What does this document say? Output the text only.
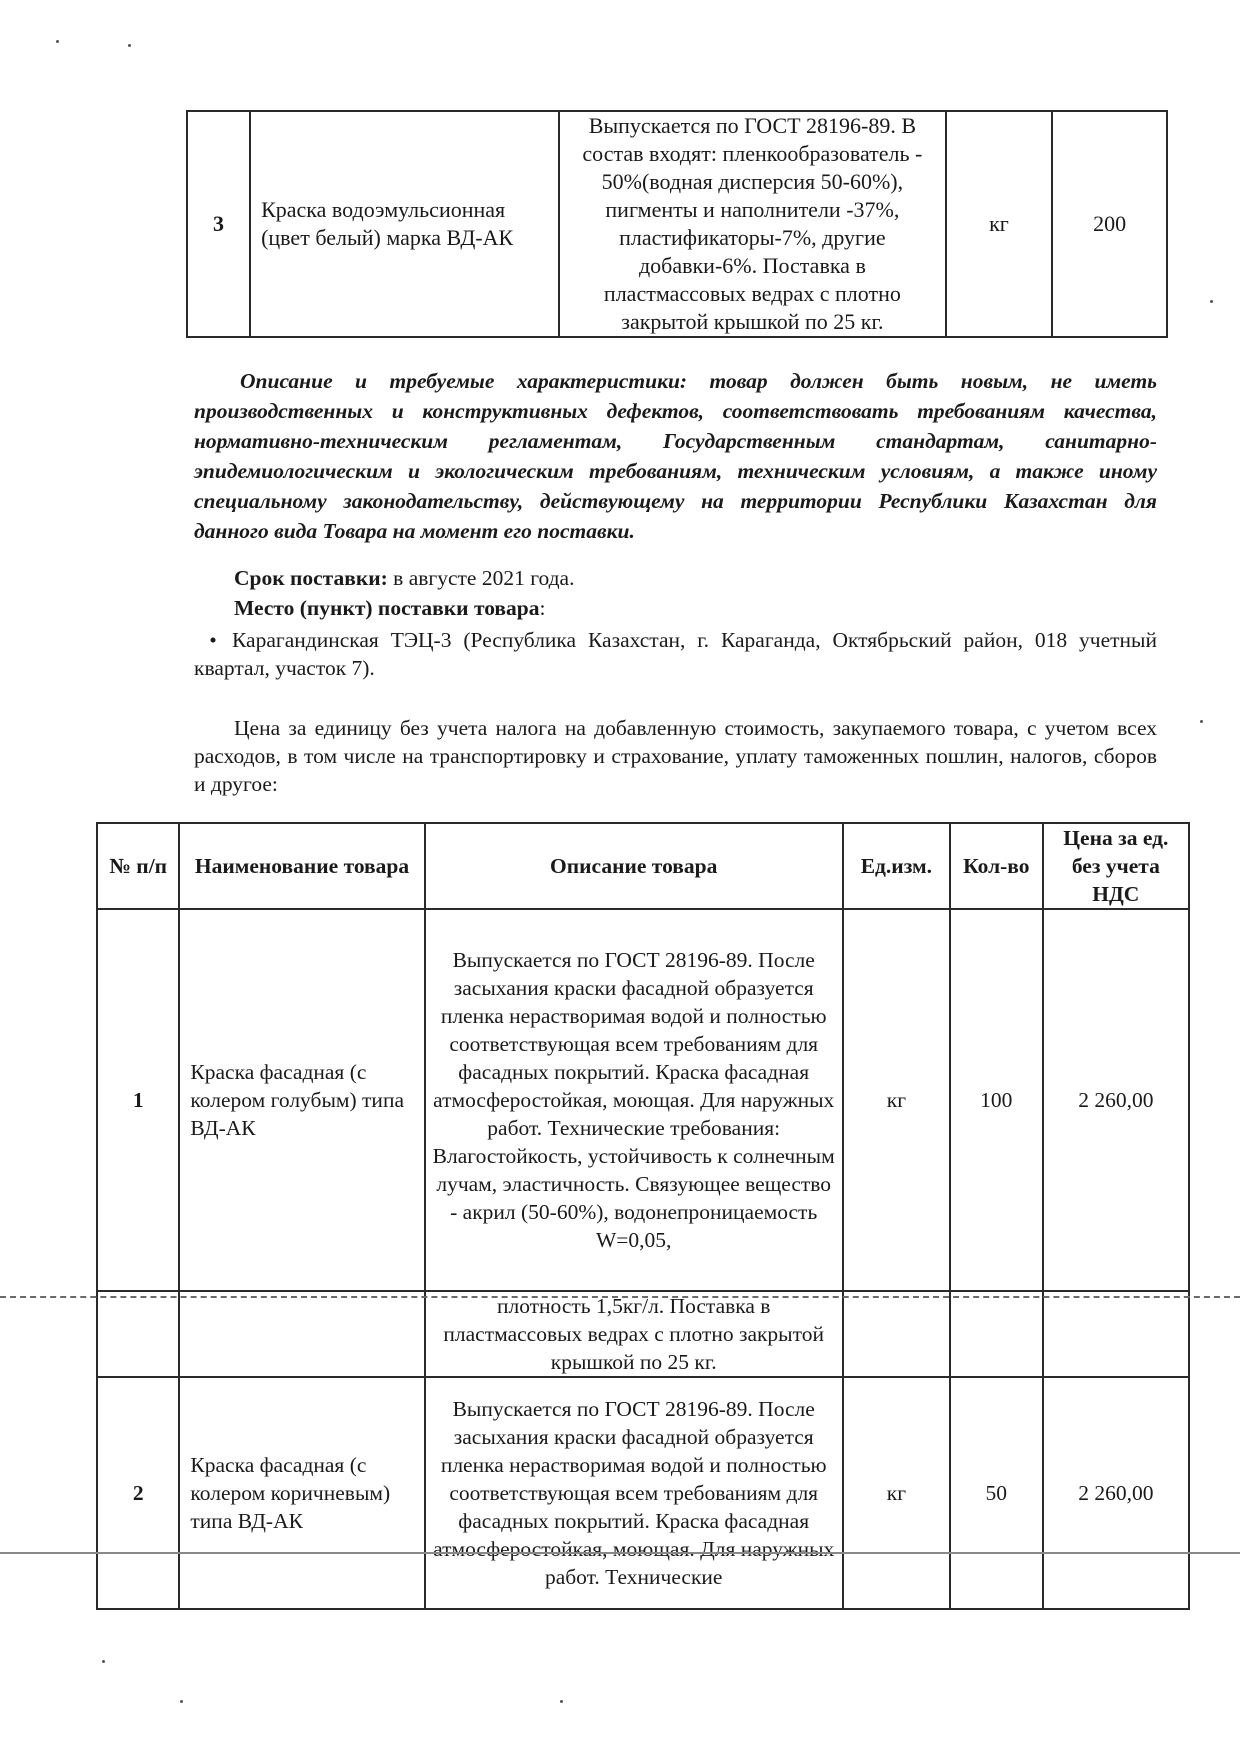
3	Краска водоэмульсионная (цвет белый) марка ВД-АК	Выпускается по ГОСТ 28196-89. В состав входят: пленкообразователь - 50%(водная дисперсия 50-60%), пигменты и наполнители -37%, пластификаторы-7%, другие добавки-6%. Поставка в пластмассовых ведрах с плотно закрытой крышкой по 25 кг.	кг	200

Описание и требуемые характеристики: товар должен быть новым, не иметь производственных и конструктивных дефектов, соответствовать требованиям качества, нормативно-техническим регламентам, Государственным стандартам, санитарно-эпидемиологическим и экологическим требованиям, техническим условиям, а также иному специальному законодательству, действующему на территории Республики Казахстан для данного вида Товара на момент его поставки.

Срок поставки: в августе 2021 года.

Место (пункт) поставки товара:

• Карагандинская ТЭЦ-3 (Республика Казахстан, г. Караганда, Октябрьский район, 018 учетный квартал, участок 7).

Цена за единицу без учета налога на добавленную стоимость, закупаемого товара, с учетом всех расходов, в том числе на транспортировку и страхование, уплату таможенных пошлин, налогов, сборов и другое:

№ п/п	Наименование товара	Описание товара	Ед.изм.	Кол-во	Цена за ед. без учета НДС
1	Краска фасадная (с колером голубым) типа ВД-АК	Выпускается по ГОСТ 28196-89. После засыхания краски фасадной образуется пленка нерастворимая водой и полностью соответствующая всем требованиям для фасадных покрытий. Краска фасадная атмосферостойкая, моющая. Для наружных работ. Технические требования: Влагостойкость, устойчивость к солнечным лучам, эластичность. Связующее вещество - акрил (50-60%), водонепроницаемость W=0,05,	кг	100	2 260,00
		плотность 1,5кг/л. Поставка в пластмассовых ведрах с плотно закрытой крышкой по 25 кг.			
2	Краска фасадная (с колером коричневым) типа ВД-АК	Выпускается по ГОСТ 28196-89. После засыхания краски фасадной образуется пленка нерастворимая водой и полностью соответствующая всем требованиям для фасадных покрытий. Краска фасадная атмосферостойкая, моющая. Для наружных работ. Технические	кг	50	2 260,00
